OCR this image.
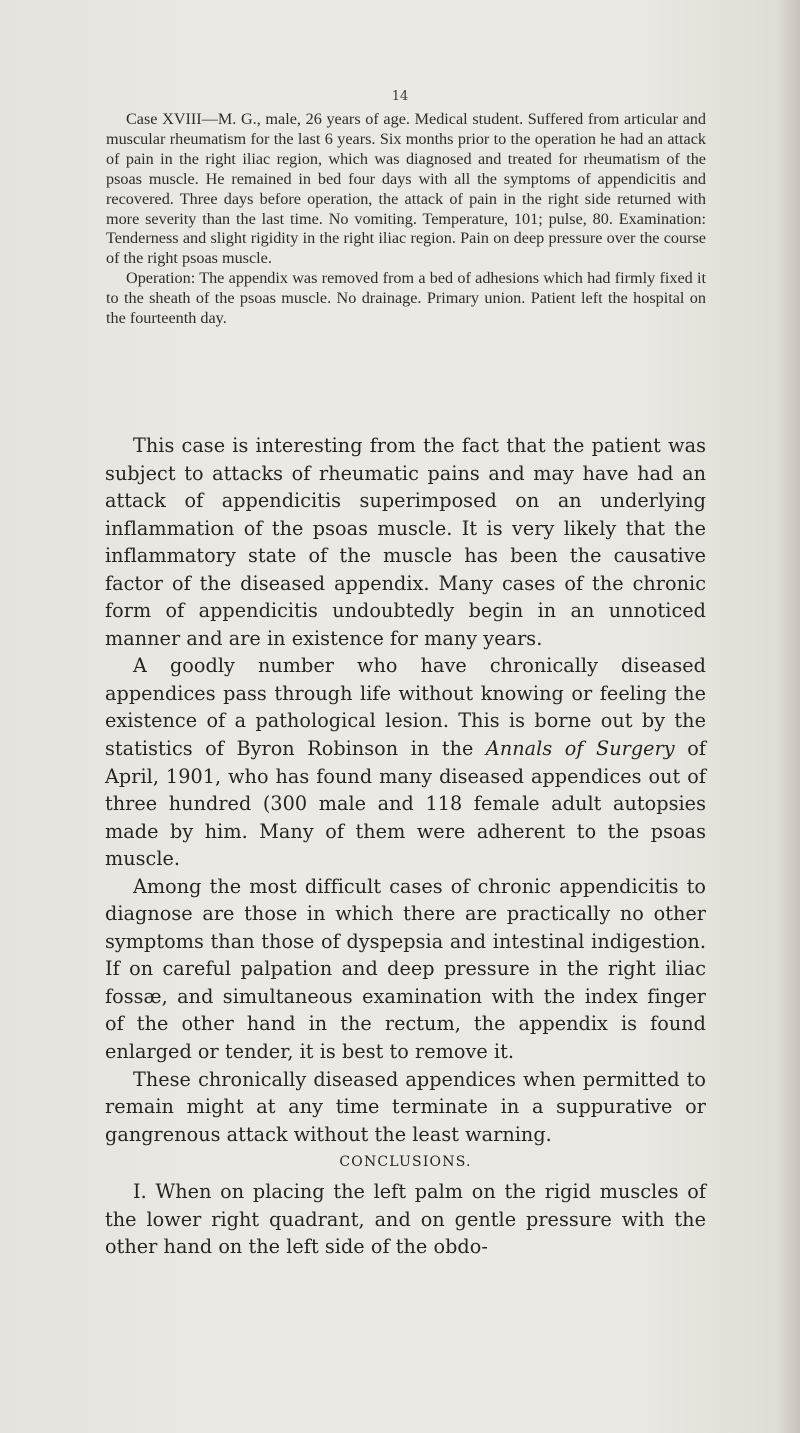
14

Case XVIII—M. G., male, 26 years of age. Medical student. Suffered from articular and muscular rheumatism for the last 6 years. Six months prior to the operation he had an attack of pain in the right iliac region, which was diagnosed and treated for rheumatism of the psoas muscle. He remained in bed four days with all the symptoms of appendicitis and recovered. Three days before operation, the attack of pain in the right side returned with more severity than the last time. No vomiting. Temperature, 101; pulse, 80. Examination: Tenderness and slight rigidity in the right iliac region. Pain on deep pressure over the course of the right psoas muscle.

Operation: The appendix was removed from a bed of adhesions which had firmly fixed it to the sheath of the psoas muscle. No drainage. Primary union. Patient left the hospital on the fourteenth day.

This case is interesting from the fact that the patient was subject to attacks of rheumatic pains and may have had an attack of appendicitis superimposed on an underlying inflammation of the psoas muscle. It is very likely that the inflammatory state of the muscle has been the causative factor of the diseased appendix. Many cases of the chronic form of appendicitis undoubtedly begin in an unnoticed manner and are in existence for many years.

A goodly number who have chronically diseased appendices pass through life without knowing or feeling the existence of a pathological lesion. This is borne out by the statistics of Byron Robinson in the Annals of Surgery of April, 1901, who has found many diseased appendices out of three hundred (300 male and 118 female adult autopsies made by him. Many of them were adherent to the psoas muscle.

Among the most difficult cases of chronic appendicitis to diagnose are those in which there are practically no other symptoms than those of dyspepsia and intestinal indigestion. If on careful palpation and deep pressure in the right iliac fossæ, and simultaneous examination with the index finger of the other hand in the rectum, the appendix is found enlarged or tender, it is best to remove it.

These chronically diseased appendices when permitted to remain might at any time terminate in a suppurative or gangrenous attack without the least warning.

CONCLUSIONS.

I. When on placing the left palm on the rigid muscles of the lower right quadrant, and on gentle pressure with the other hand on the left side of the obdo-
